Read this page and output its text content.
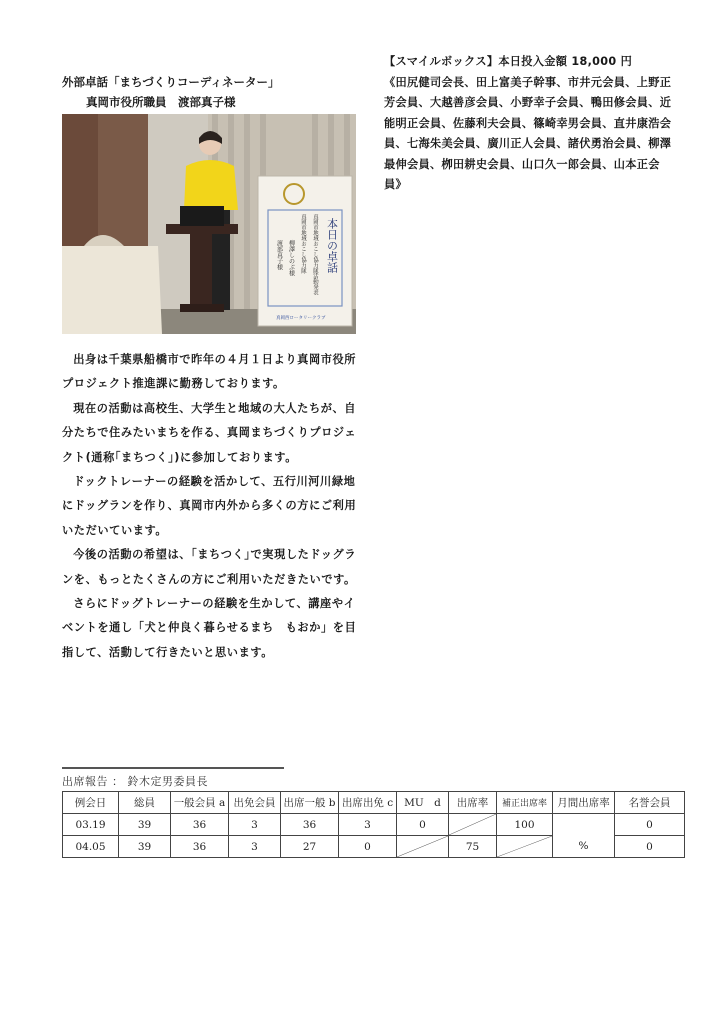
外部卓話「まちづくりコーディネーター」
真岡市役所職員　渡部真子様
本日の卓話
真岡市地域おこし協力隊活動発表
真岡市地域おこし協力隊
柳澤しのぶ様
渡部真子様
真岡西ロータリークラブ

出身は千葉県船橋市で昨年の４月１日より真岡市役所プロジェクト推進課に勤務しております。

現在の活動は高校生、大学生と地域の大人たちが、自分たちで住みたいまちを作る、真岡まちづくりプロジェクト(通称｢まちつく｣)に参加しております。

ドックトレーナーの経験を活かして、五行川河川緑地にドッグランを作り、真岡市内外から多くの方にご利用いただいています。

今後の活動の希望は、｢まちつく｣で実現したドッグランを、もっとたくさんの方にご利用いただきたいです。

さらにドッグトレーナーの経験を生かして、講座やイベントを通し「犬と仲良く暮らせるまち　もおか」を目指して、活動して行きたいと思います。

【スマイルボックス】本日投入金額 18,000 円
《田尻健司会長、田上富美子幹事、市井元会員、上野正芳会員、大越善彦会員、小野幸子会員、鴨田修会員、近能明正会員、佐藤利夫会員、篠崎幸男会員、直井康浩会員、七海朱美会員、廣川正人会員、諸伏勇治会員、柳澤最伸会員、栁田耕史会員、山口久一郎会員、山本正会員》
出席報告 ： 鈴木定男委員長
例会日	総員	一般会員 a	出免会員	出席一般 b	出席出免 c	MU　d	出席率	補正出席率	月間出席率	名誉会員
03.19	39	36	3	36	3	0		100	%	0
04.05	39	36	3	27	0		75			0
